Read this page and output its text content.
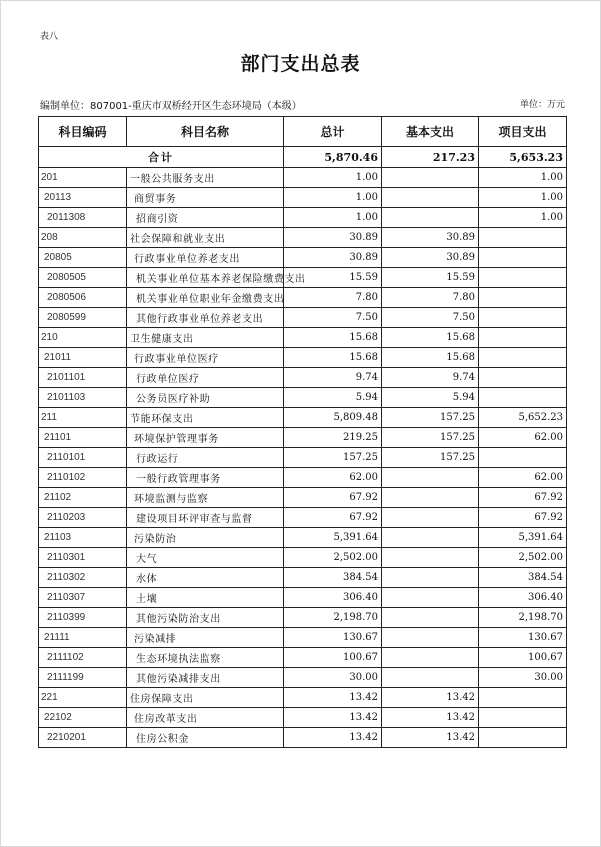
表八
部门支出总表
编制单位：807001-重庆市双桥经开区生态环境局（本级）	单位：万元
科目编码	科目名称	总计	基本支出	项目支出
合计		5,870.46	217.23	5,653.23
201	一般公共服务支出	1.00		1.00
20113	商贸事务	1.00		1.00
2011308	招商引资	1.00		1.00
208	社会保障和就业支出	30.89	30.89	
20805	行政事业单位养老支出	30.89	30.89	
2080505	机关事业单位基本养老保险缴费支出	15.59	15.59	
2080506	机关事业单位职业年金缴费支出	7.80	7.80	
2080599	其他行政事业单位养老支出	7.50	7.50	
210	卫生健康支出	15.68	15.68	
21011	行政事业单位医疗	15.68	15.68	
2101101	行政单位医疗	9.74	9.74	
2101103	公务员医疗补助	5.94	5.94	
211	节能环保支出	5,809.48	157.25	5,652.23
21101	环境保护管理事务	219.25	157.25	62.00
2110101	行政运行	157.25	157.25	
2110102	一般行政管理事务	62.00		62.00
21102	环境监测与监察	67.92		67.92
2110203	建设项目环评审查与监督	67.92		67.92
21103	污染防治	5,391.64		5,391.64
2110301	大气	2,502.00		2,502.00
2110302	水体	384.54		384.54
2110307	土壤	306.40		306.40
2110399	其他污染防治支出	2,198.70		2,198.70
21111	污染减排	130.67		130.67
2111102	生态环境执法监察	100.67		100.67
2111199	其他污染减排支出	30.00		30.00
221	住房保障支出	13.42	13.42	
22102	住房改革支出	13.42	13.42	
2210201	住房公积金	13.42	13.42	
